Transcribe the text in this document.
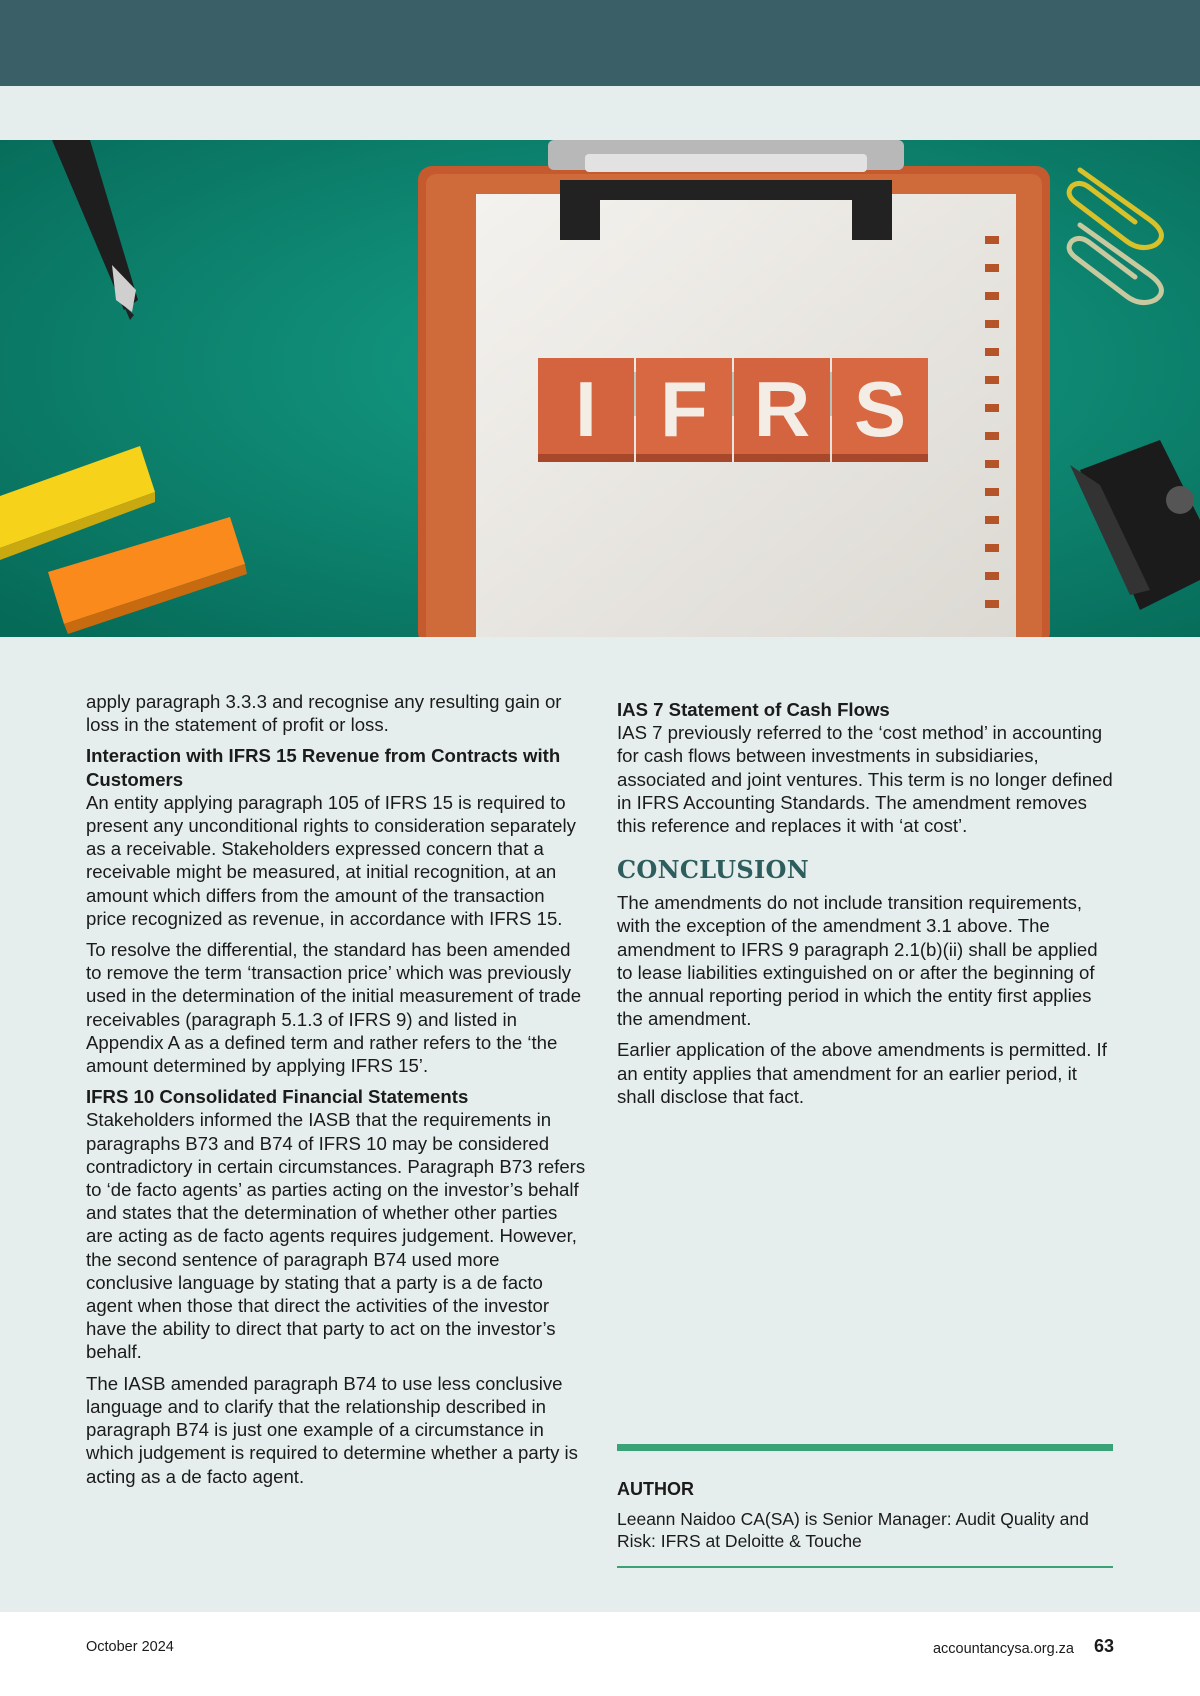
I F R S

apply paragraph 3.3.3 and recognise any resulting gain or loss in the statement of profit or loss.

Interaction with IFRS 15 Revenue from Contracts with Customers

An entity applying paragraph 105 of IFRS 15 is required to present any unconditional rights to consideration separately as a receivable. Stakeholders expressed concern that a receivable might be measured, at initial recognition, at an amount which differs from the amount of the transaction price recognized as revenue, in accordance with IFRS 15.

To resolve the differential, the standard has been amended to remove the term ‘transaction price’ which was previously used in the determination of the initial measurement of trade receivables (paragraph 5.1.3 of IFRS 9) and listed in Appendix A as a defined term and rather refers to the ‘the amount determined by applying IFRS 15’.

IFRS 10 Consolidated Financial Statements

Stakeholders informed the IASB that the requirements in paragraphs B73 and B74 of IFRS 10 may be considered contradictory in certain circumstances. Paragraph B73 refers to ‘de facto agents’ as parties acting on the investor’s behalf and states that the determination of whether other parties are acting as de facto agents requires judgement. However, the second sentence of paragraph B74 used more conclusive language by stating that a party is a de facto agent when those that direct the activities of the investor have the ability to direct that party to act on the investor’s behalf.

The IASB amended paragraph B74 to use less conclusive language and to clarify that the relationship described in paragraph B74 is just one example of a circumstance in which judgement is required to determine whether a party is acting as a de facto agent.

IAS 7 Statement of Cash Flows

IAS 7 previously referred to the ‘cost method’ in accounting for cash flows between investments in subsidiaries, associated and joint ventures. This term is no longer defined in IFRS Accounting Standards. The amendment removes this reference and replaces it with ‘at cost’.

CONCLUSION

The amendments do not include transition requirements, with the exception of the amendment 3.1 above. The amendment to IFRS 9 paragraph 2.1(b)(ii) shall be applied to lease liabilities extinguished on or after the beginning of the annual reporting period in which the entity first applies the amendment.

Earlier application of the above amendments is permitted. If an entity applies that amendment for an earlier period, it shall disclose that fact.

AUTHOR
Leeann Naidoo CA(SA) is Senior Manager: Audit Quality and Risk: IFRS at Deloitte & Touche
October 2024	accountancysa.org.za 63
